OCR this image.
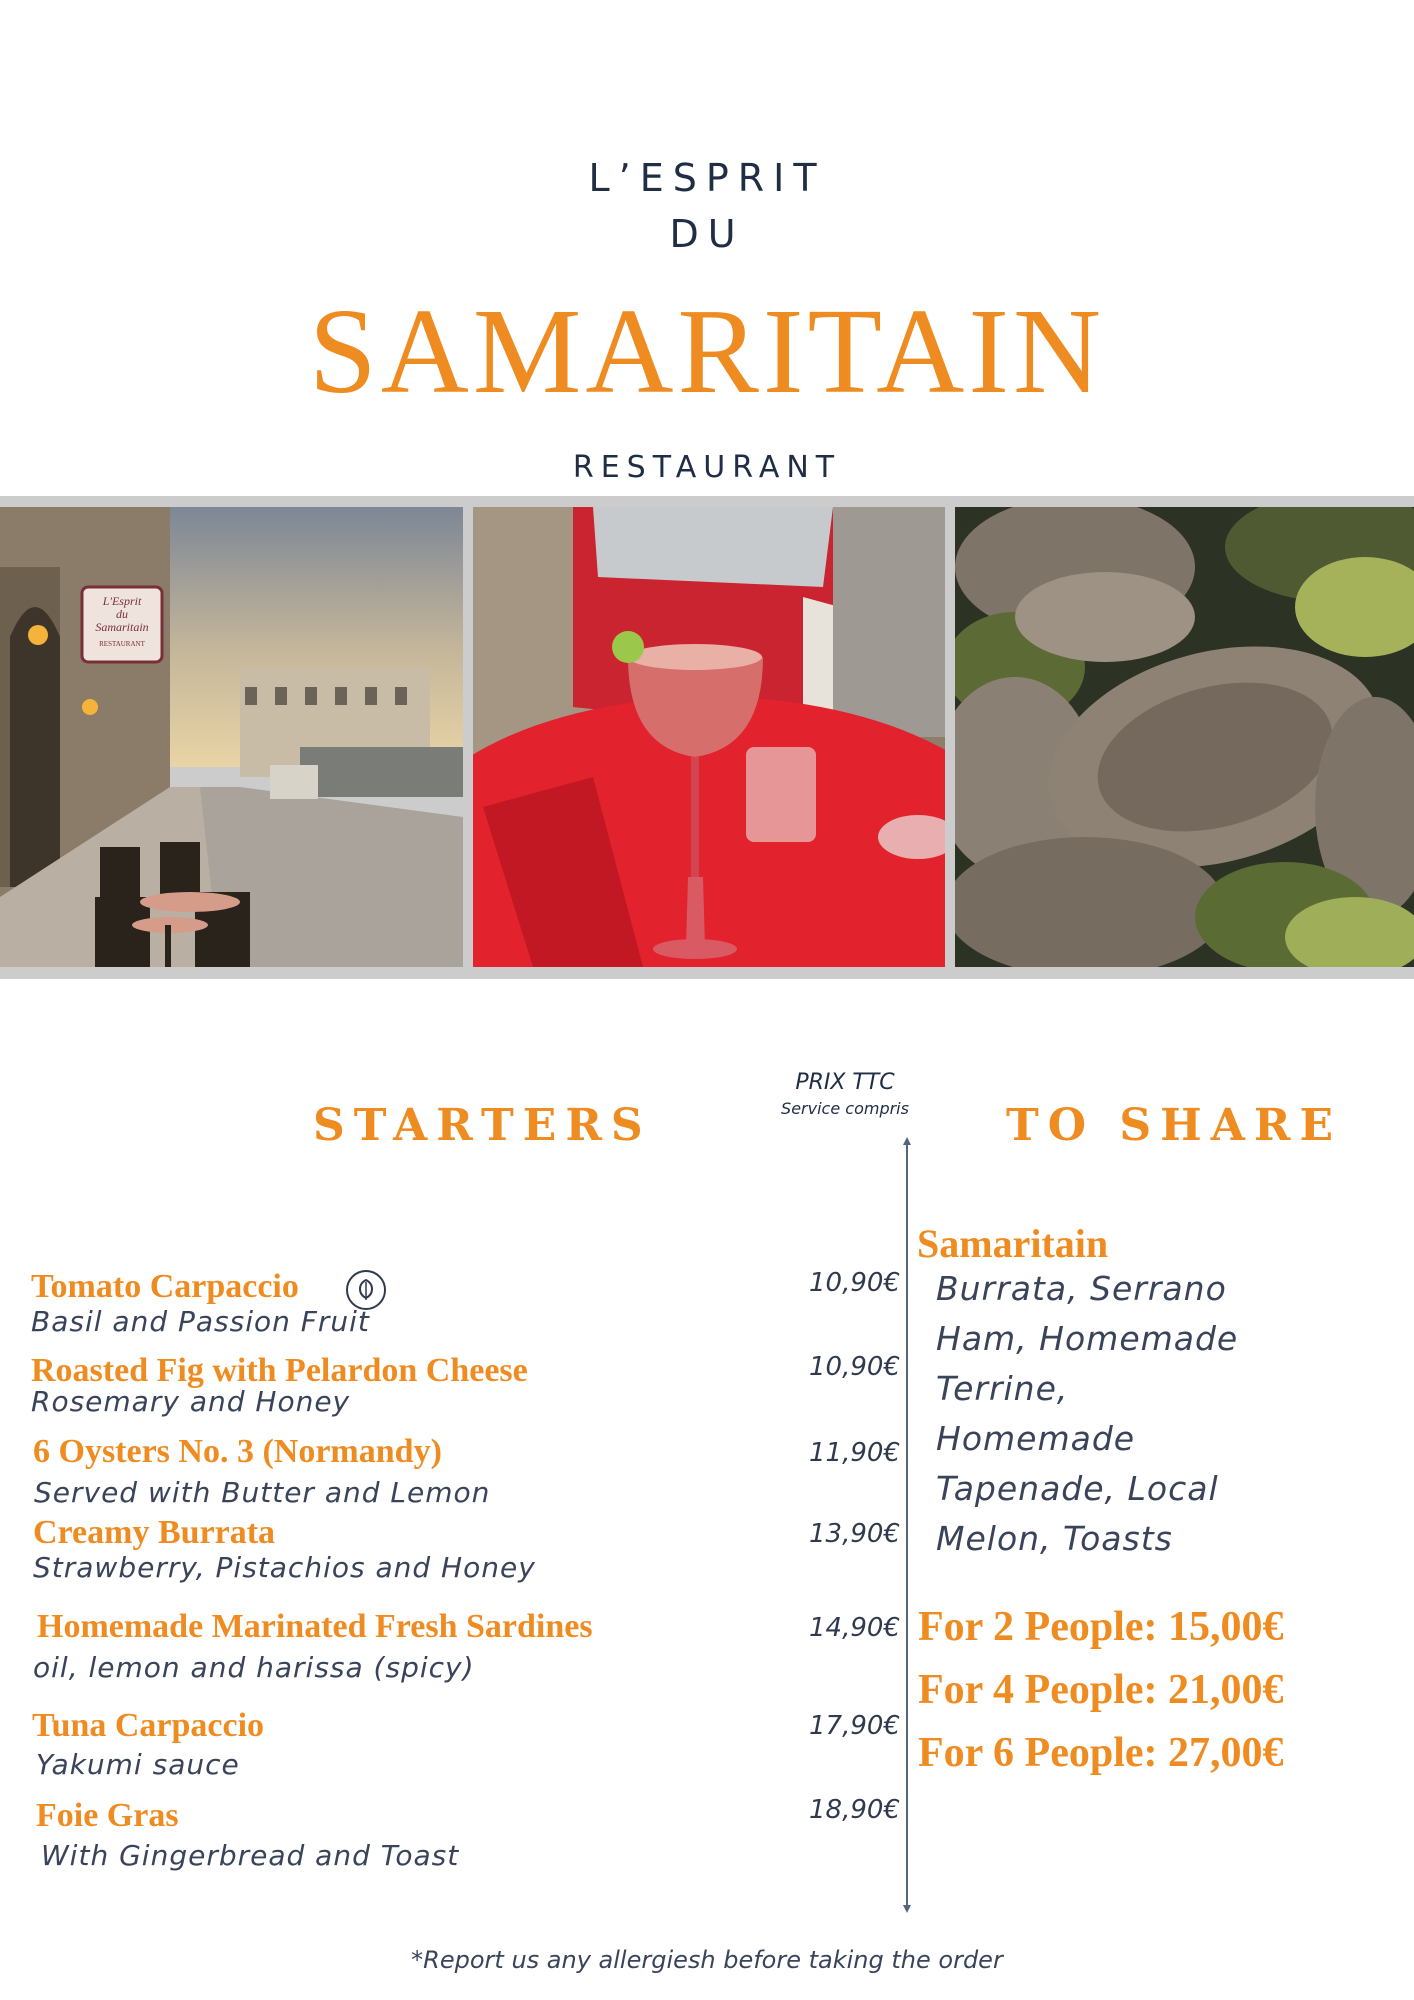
L’ESPRIT
DU
SAMARITAIN
RESTAURANT
L'Esprit
du
Samaritain
RESTAURANT
STARTERS
PRIX TTC
Service compris	TO SHARE
Tomato Carpaccio
Basil and Passion Fruit
10,90€
Roasted Fig with Pelardon Cheese
Rosemary and Honey
10,90€
6 Oysters No. 3 (Normandy)
Served with Butter and Lemon
11,90€
Creamy Burrata
Strawberry, Pistachios and Honey
13,90€
Homemade Marinated Fresh Sardines
oil, lemon and harissa (spicy)
14,90€
Tuna Carpaccio
Yakumi sauce
17,90€
Foie Gras
With Gingerbread and Toast
18,90€
Samaritain
Burrata, Serrano
Ham, Homemade
Terrine,
Homemade
Tapenade, Local
Melon, Toasts
For 2 People: 15,00€
For 4 People: 21,00€
For 6 People: 27,00€
*Report us any allergiesh before taking the order
